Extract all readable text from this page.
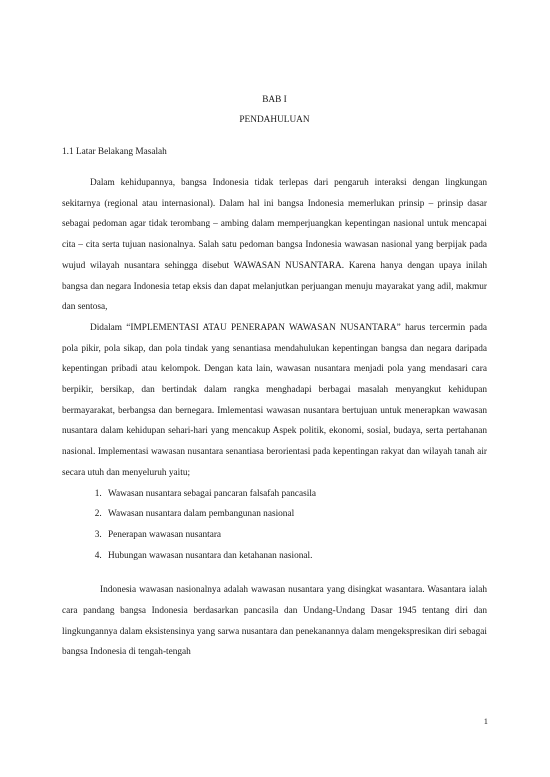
BAB I

PENDAHULUAN

1.1 Latar Belakang Masalah

Dalam kehidupannya, bangsa Indonesia tidak terlepas dari pengaruh interaksi dengan lingkungan sekitarnya (regional atau internasional). Dalam hal ini bangsa Indonesia memerlukan prinsip – prinsip dasar sebagai pedoman agar tidak terombang – ambing dalam memperjuangkan kepentingan nasional untuk mencapai cita – cita serta tujuan nasionalnya. Salah satu pedoman bangsa Indonesia wawasan nasional yang berpijak pada wujud wilayah nusantara sehingga disebut WAWASAN NUSANTARA. Karena hanya dengan upaya inilah bangsa dan negara Indonesia tetap eksis dan dapat melanjutkan perjuangan menuju mayarakat yang adil, makmur dan sentosa,

Didalam “IMPLEMENTASI ATAU PENERAPAN WAWASAN NUSANTARA” harus tercermin pada pola pikir, pola sikap, dan pola tindak yang senantiasa mendahulukan kepentingan bangsa dan negara daripada kepentingan pribadi atau kelompok. Dengan kata lain, wawasan nusantara menjadi pola yang mendasari cara berpikir, bersikap, dan bertindak dalam rangka menghadapi berbagai masalah menyangkut kehidupan bermayarakat, berbangsa dan bernegara. Imlementasi wawasan nusantara bertujuan untuk menerapkan wawasan nusantara dalam kehidupan sehari-hari yang mencakup Aspek politik, ekonomi, sosial, budaya, serta pertahanan nasional. Implementasi wawasan nusantara senantiasa berorientasi pada kepentingan rakyat dan wilayah tanah air secara utuh dan menyeluruh yaitu;

1. Wawasan nusantara sebagai pancaran falsafah pancasila
2. Wawasan nusantara dalam pembangunan nasional
3. Penerapan wawasan nusantara
4. Hubungan wawasan nusantara dan ketahanan nasional.

Indonesia wawasan nasionalnya adalah wawasan nusantara yang disingkat wasantara. Wasantara ialah cara pandang bangsa Indonesia berdasarkan pancasila dan Undang-Undang Dasar 1945 tentang diri dan lingkungannya dalam eksistensinya yang sarwa nusantara dan penekanannya dalam mengekspresikan diri sebagai bangsa Indonesia di tengah-tengah

1
